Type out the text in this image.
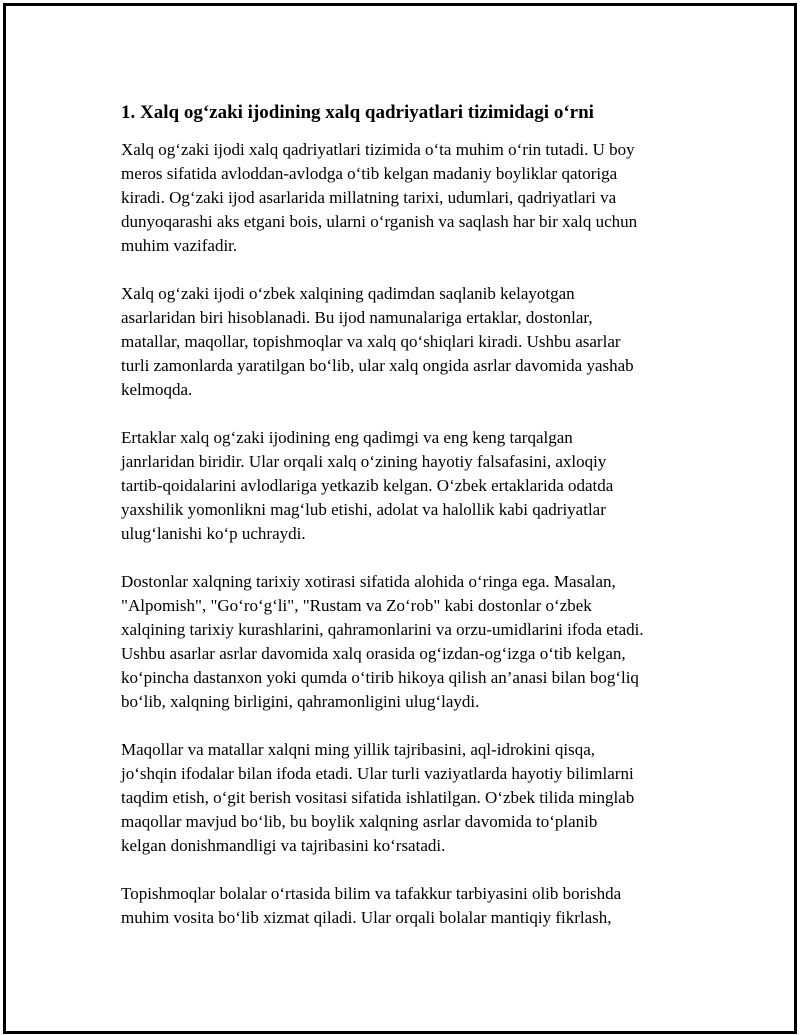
1. Xalq og‘zaki ijodining xalq qadriyatlari tizimidagi o‘rni

Xalq og‘zaki ijodi xalq qadriyatlari tizimida o‘ta muhim o‘rin tutadi. U boy
meros sifatida avloddan-avlodga o‘tib kelgan madaniy boyliklar qatoriga
kiradi. Og‘zaki ijod asarlarida millatning tarixi, udumlari, qadriyatlari va
dunyoqarashi aks etgani bois, ularni o‘rganish va saqlash har bir xalq uchun
muhim vazifadir.

Xalq og‘zaki ijodi o‘zbek xalqining qadimdan saqlanib kelayotgan
asarlaridan biri hisoblanadi. Bu ijod namunalariga ertaklar, dostonlar,
matallar, maqollar, topishmoqlar va xalq qo‘shiqlari kiradi. Ushbu asarlar
turli zamonlarda yaratilgan bo‘lib, ular xalq ongida asrlar davomida yashab
kelmoqda.

Ertaklar xalq og‘zaki ijodining eng qadimgi va eng keng tarqalgan
janrlaridan biridir. Ular orqali xalq o‘zining hayotiy falsafasini, axloqiy
tartib-qoidalarini avlodlariga yetkazib kelgan. O‘zbek ertaklarida odatda
yaxshilik yomonlikni mag‘lub etishi, adolat va halollik kabi qadriyatlar
ulug‘lanishi ko‘p uchraydi.

Dostonlar xalqning tarixiy xotirasi sifatida alohida o‘ringa ega. Masalan,
"Alpomish", "Go‘ro‘g‘li", "Rustam va Zo‘rob" kabi dostonlar o‘zbek
xalqining tarixiy kurashlarini, qahramonlarini va orzu-umidlarini ifoda etadi.
Ushbu asarlar asrlar davomida xalq orasida og‘izdan-og‘izga o‘tib kelgan,
ko‘pincha dastanxon yoki qumda o‘tirib hikoya qilish an’anasi bilan bog‘liq
bo‘lib, xalqning birligini, qahramonligini ulug‘laydi.

Maqollar va matallar xalqni ming yillik tajribasini, aql-idrokini qisqa,
jo‘shqin ifodalar bilan ifoda etadi. Ular turli vaziyatlarda hayotiy bilimlarni
taqdim etish, o‘git berish vositasi sifatida ishlatilgan. O‘zbek tilida minglab
maqollar mavjud bo‘lib, bu boylik xalqning asrlar davomida to‘planib
kelgan donishmandligi va tajribasini ko‘rsatadi.

Topishmoqlar bolalar o‘rtasida bilim va tafakkur tarbiyasini olib borishda
muhim vosita bo‘lib xizmat qiladi. Ular orqali bolalar mantiqiy fikrlash,
